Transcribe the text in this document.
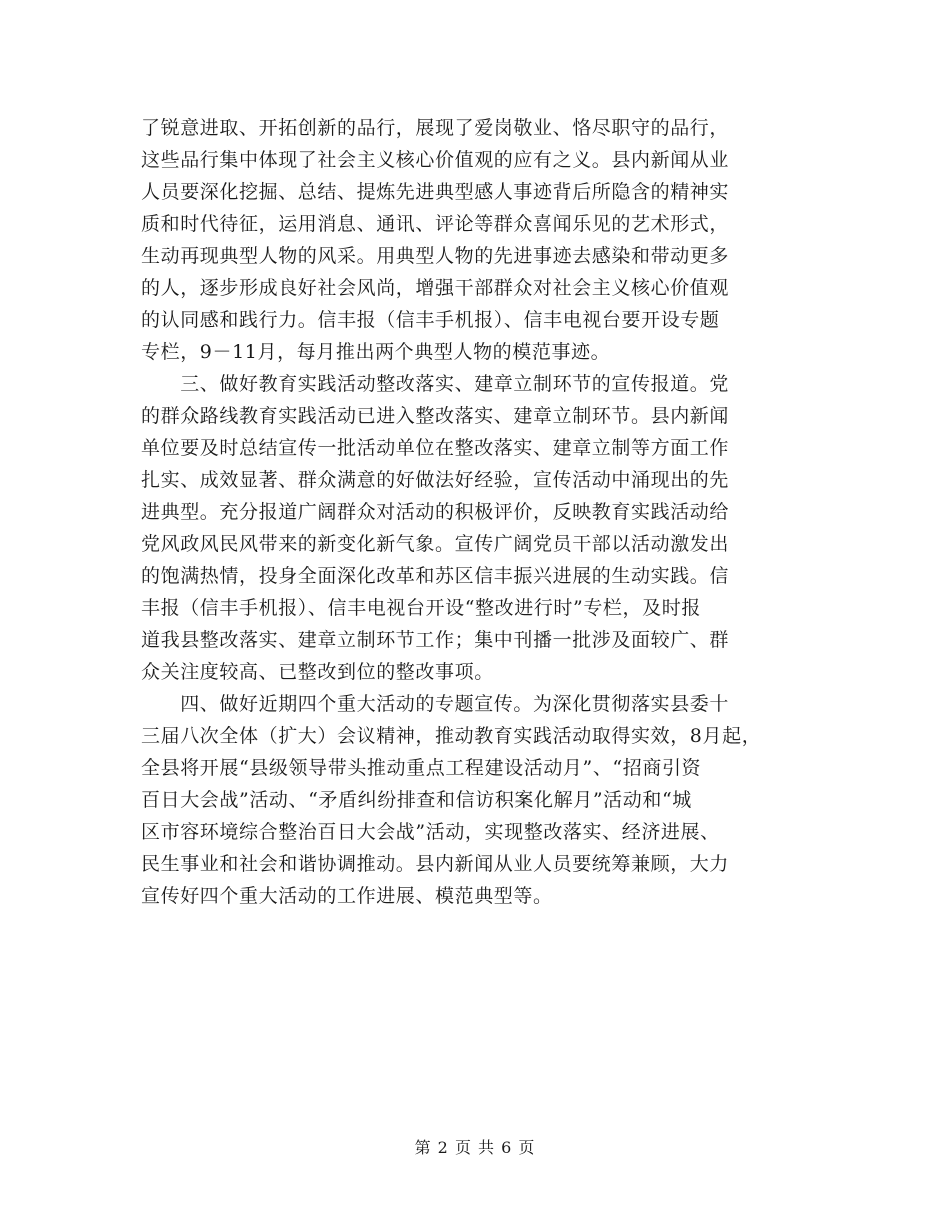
了锐意进取、开拓创新的品行，展现了爱岗敬业、恪尽职守的品行，
这些品行集中体现了社会主义核心价值观的应有之义。县内新闻从业
人员要深化挖掘、总结、提炼先进典型感人事迹背后所隐含的精神实
质和时代待征，运用消息、通讯、评论等群众喜闻乐见的艺术形式，
生动再现典型人物的风采。用典型人物的先进事迹去感染和带动更多
的人，逐步形成良好社会风尚，增强干部群众对社会主义核心价值观
的认同感和践行力。信丰报（信丰手机报）、信丰电视台要开设专题
专栏，9－11月，每月推出两个典型人物的模范事迹。
　　三、做好教育实践活动整改落实、建章立制环节的宣传报道。党
的群众路线教育实践活动已进入整改落实、建章立制环节。县内新闻
单位要及时总结宣传一批活动单位在整改落实、建章立制等方面工作
扎实、成效显著、群众满意的好做法好经验，宣传活动中涌现出的先
进典型。充分报道广阔群众对活动的积极评价，反映教育实践活动给
党风政风民风带来的新变化新气象。宣传广阔党员干部以活动激发出
的饱满热情，投身全面深化改革和苏区信丰振兴进展的生动实践。信
丰报（信丰手机报）、信丰电视台开设“整改进行时”专栏，及时报
道我县整改落实、建章立制环节工作；集中刊播一批涉及面较广、群
众关注度较高、已整改到位的整改事项。
　　四、做好近期四个重大活动的专题宣传。为深化贯彻落实县委十
三届八次全体（扩大）会议精神，推动教育实践活动取得实效，8月起，
全县将开展“县级领导带头推动重点工程建设活动月”、“招商引资
百日大会战”活动、“矛盾纠纷排查和信访积案化解月”活动和“城
区市容环境综合整治百日大会战”活动，实现整改落实、经济进展、
民生事业和社会和谐协调推动。县内新闻从业人员要统筹兼顾，大力
宣传好四个重大活动的工作进展、模范典型等。
第 2 页 共 6 页
